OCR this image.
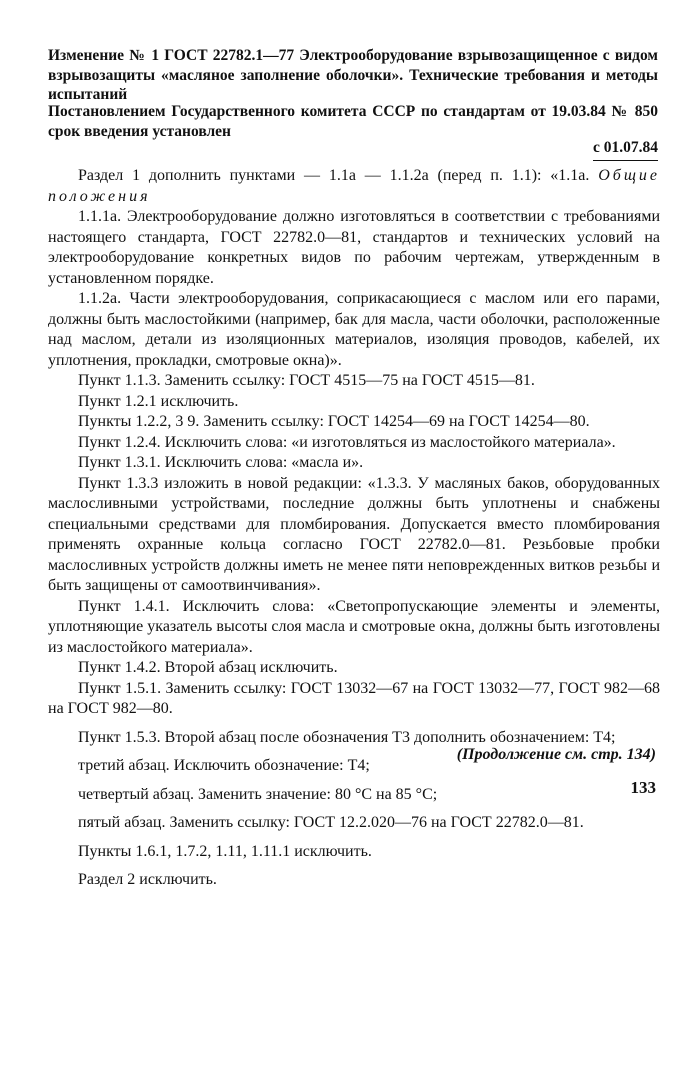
Изменение № 1 ГОСТ 22782.1—77 Электрооборудование взрывозащищенное с видом взрывозащиты «масляное заполнение оболочки». Технические требования и методы испытаний
Постановлением Государственного комитета СССР по стандартам от 19.03.84 № 850 срок введения установлен
с 01.07.84

Раздел 1 дополнить пунктами — 1.1а — 1.1.2а (перед п. 1.1): «1.1а. Общие положения

1.1.1а. Электрооборудование должно изготовляться в соответствии с требованиями настоящего стандарта, ГОСТ 22782.0—81, стандартов и технических условий на электрооборудование конкретных видов по рабочим чертежам, утвержденным в установленном порядке.

1.1.2а. Части электрооборудования, соприкасающиеся с маслом или его парами, должны быть маслостойкими (например, бак для масла, части оболочки, расположенные над маслом, детали из изоляционных материалов, изоляция проводов, кабелей, их уплотнения, прокладки, смотровые окна)».

Пункт 1.1.3. Заменить ссылку: ГОСТ 4515—75 на ГОСТ 4515—81.

Пункт 1.2.1 исключить.

Пункты 1.2.2, 3 9. Заменить ссылку: ГОСТ 14254—69 на ГОСТ 14254—80.

Пункт 1.2.4. Исключить слова: «и изготовляться из маслостойкого материала».

Пункт 1.3.1. Исключить слова: «масла и».

Пункт 1.3.3 изложить в новой редакции: «1.3.3. У масляных баков, оборудованных маслосливными устройствами, последние должны быть уплотнены и снабжены специальными средствами для пломбирования. Допускается вместо пломбирования применять охранные кольца согласно ГОСТ 22782.0—81. Резьбовые пробки маслосливных устройств должны иметь не менее пяти неповрежденных витков резьбы и быть защищены от самоотвинчивания».

Пункт 1.4.1. Исключить слова: «Светопропускающие элементы и элементы, уплотняющие указатель высоты слоя масла и смотровые окна, должны быть изготовлены из маслостойкого материала».

Пункт 1.4.2. Второй абзац исключить.

Пункт 1.5.1. Заменить ссылку: ГОСТ 13032—67 на ГОСТ 13032—77, ГОСТ 982—68 на ГОСТ 982—80.

Пункт 1.5.3. Второй абзац после обозначения Т3 дополнить обозначением: Т4;

третий абзац. Исключить обозначение: Т4;

четвертый абзац. Заменить значение: 80 °С на 85 °С;

пятый абзац. Заменить ссылку: ГОСТ 12.2.020—76 на ГОСТ 22782.0—81.

Пункты 1.6.1, 1.7.2, 1.11, 1.11.1 исключить.

Раздел 2 исключить.

(Продолжение см. стр. 134)
133
